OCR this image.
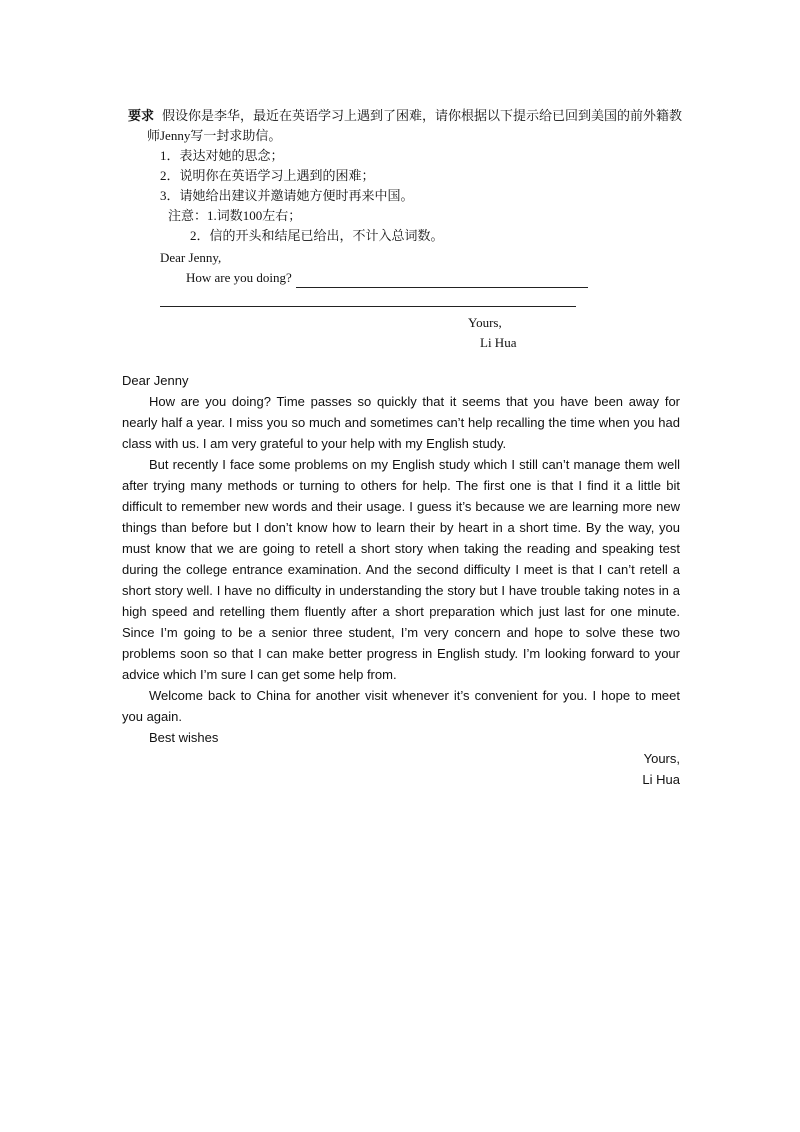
要求 假设你是李华，最近在英语学习上遇到了困难，请你根据以下提示给已回到美国的前外籍教
师Jenny写一封求助信。
1．表达对她的思念；
2．说明你在英语学习上遇到的困难；
3．请她给出建议并邀请她方便时再来中国。
注意：1.词数100左右；
2．信的开头和结尾已给出，不计入总词数。
Dear Jenny,
How are you doing?
Yours,
Li Hua

Dear Jenny

How are you doing? Time passes so quickly that it seems that you have been away for nearly half a year. I miss you so much and sometimes can’t help recalling the time when you had class with us. I am very grateful to your help with my English study.

But recently I face some problems on my English study which I still can’t manage them well after trying many methods or turning to others for help. The first one is that I find it a little bit difficult to remember new words and their usage. I guess it’s because we are learning more new things than before but I don’t know how to learn their by heart in a short time. By the way, you must know that we are going to retell a short story when taking the reading and speaking test during the college entrance examination. And the second difficulty I meet is that I can’t retell a short story well. I have no difficulty in understanding the story but I have trouble taking notes in a high speed and retelling them fluently after a short preparation which just last for one minute. Since I’m going to be a senior three student, I’m very concern and hope to solve these two problems soon so that I can make better progress in English study. I’m looking forward to your advice which I’m sure I can get some help from.

Welcome back to China for another visit whenever it’s convenient for you. I hope to meet you again.

Best wishes

Yours,

Li Hua
